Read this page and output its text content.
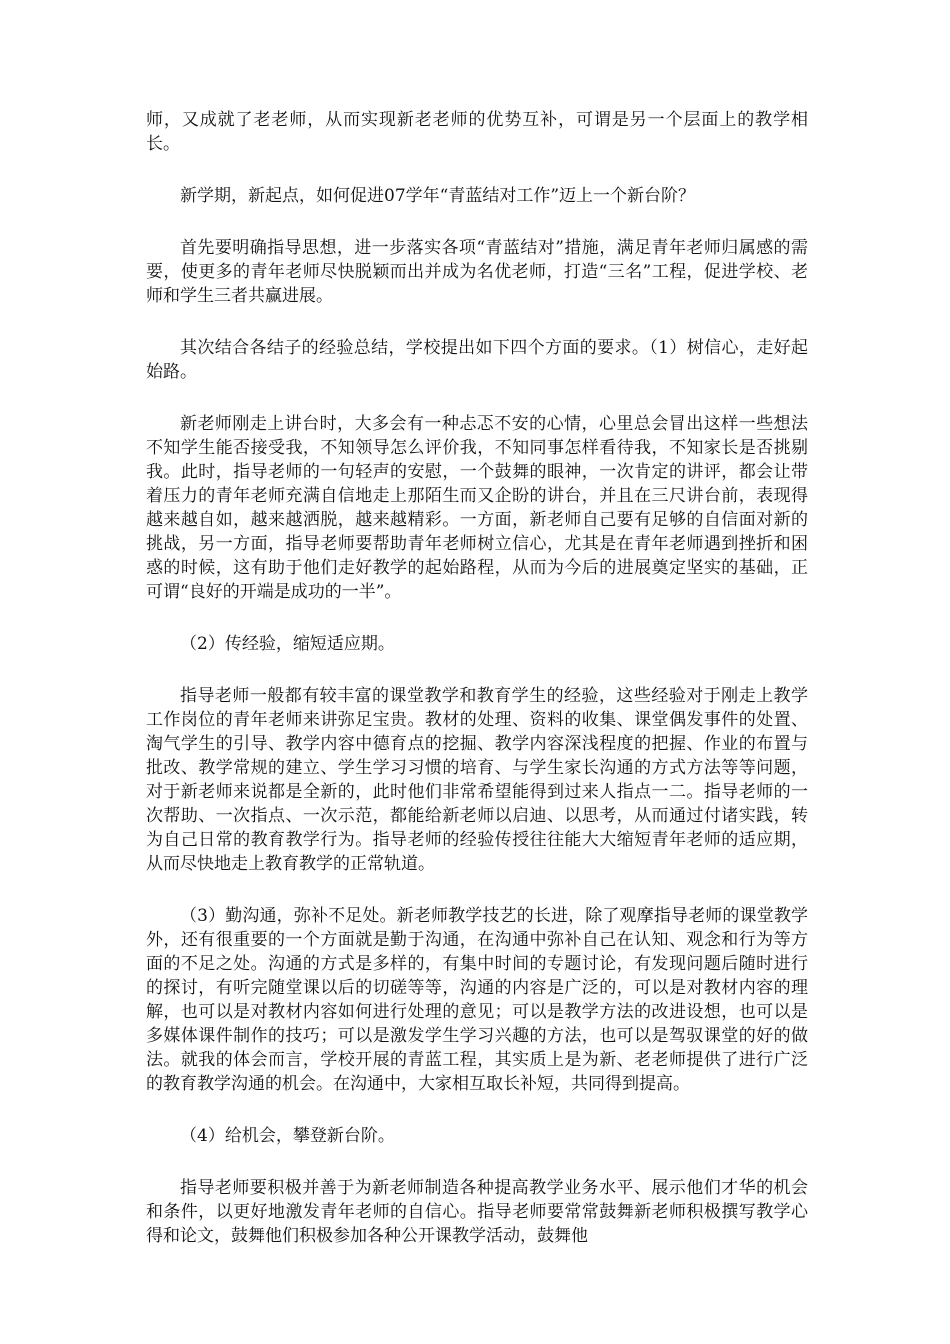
师，又成就了老老师，从而实现新老老师的优势互补，可谓是另一个层面上的教学相长。

新学期，新起点，如何促进07学年“青蓝结对工作”迈上一个新台阶？

首先要明确指导思想，进一步落实各项“青蓝结对”措施，满足青年老师归属感的需要，使更多的青年老师尽快脱颖而出并成为名优老师，打造“三名”工程，促进学校、老师和学生三者共赢进展。

其次结合各结子的经验总结，学校提出如下四个方面的要求。（1）树信心，走好起始路。

新老师刚走上讲台时，大多会有一种忐忑不安的心情，心里总会冒出这样一些想法不知学生能否接受我，不知领导怎么评价我，不知同事怎样看待我，不知家长是否挑剔我。此时，指导老师的一句轻声的安慰，一个鼓舞的眼神，一次肯定的讲评，都会让带着压力的青年老师充满自信地走上那陌生而又企盼的讲台，并且在三尺讲台前，表现得越来越自如，越来越洒脱，越来越精彩。一方面，新老师自己要有足够的自信面对新的挑战，另一方面，指导老师要帮助青年老师树立信心，尤其是在青年老师遇到挫折和困惑的时候，这有助于他们走好教学的起始路程，从而为今后的进展奠定坚实的基础，正可谓“良好的开端是成功的一半”。

（2）传经验，缩短适应期。

指导老师一般都有较丰富的课堂教学和教育学生的经验，这些经验对于刚走上教学工作岗位的青年老师来讲弥足宝贵。教材的处理、资料的收集、课堂偶发事件的处置、淘气学生的引导、教学内容中德育点的挖掘、教学内容深浅程度的把握、作业的布置与批改、教学常规的建立、学生学习习惯的培育、与学生家长沟通的方式方法等等问题，对于新老师来说都是全新的，此时他们非常希望能得到过来人指点一二。指导老师的一次帮助、一次指点、一次示范，都能给新老师以启迪、以思考，从而通过付诸实践，转为自己日常的教育教学行为。指导老师的经验传授往往能大大缩短青年老师的适应期，从而尽快地走上教育教学的正常轨道。

（3）勤沟通，弥补不足处。新老师教学技艺的长进，除了观摩指导老师的课堂教学外，还有很重要的一个方面就是勤于沟通，在沟通中弥补自己在认知、观念和行为等方面的不足之处。沟通的方式是多样的，有集中时间的专题讨论，有发现问题后随时进行的探讨，有听完随堂课以后的切磋等等，沟通的内容是广泛的，可以是对教材内容的理解，也可以是对教材内容如何进行处理的意见；可以是教学方法的改进设想，也可以是多媒体课件制作的技巧；可以是激发学生学习兴趣的方法，也可以是驾驭课堂的好的做法。就我的体会而言，学校开展的青蓝工程，其实质上是为新、老老师提供了进行广泛的教育教学沟通的机会。在沟通中，大家相互取长补短，共同得到提高。

（4）给机会，攀登新台阶。

指导老师要积极并善于为新老师制造各种提高教学业务水平、展示他们才华的机会和条件，以更好地激发青年老师的自信心。指导老师要常常鼓舞新老师积极撰写教学心得和论文，鼓舞他们积极参加各种公开课教学活动，鼓舞他
